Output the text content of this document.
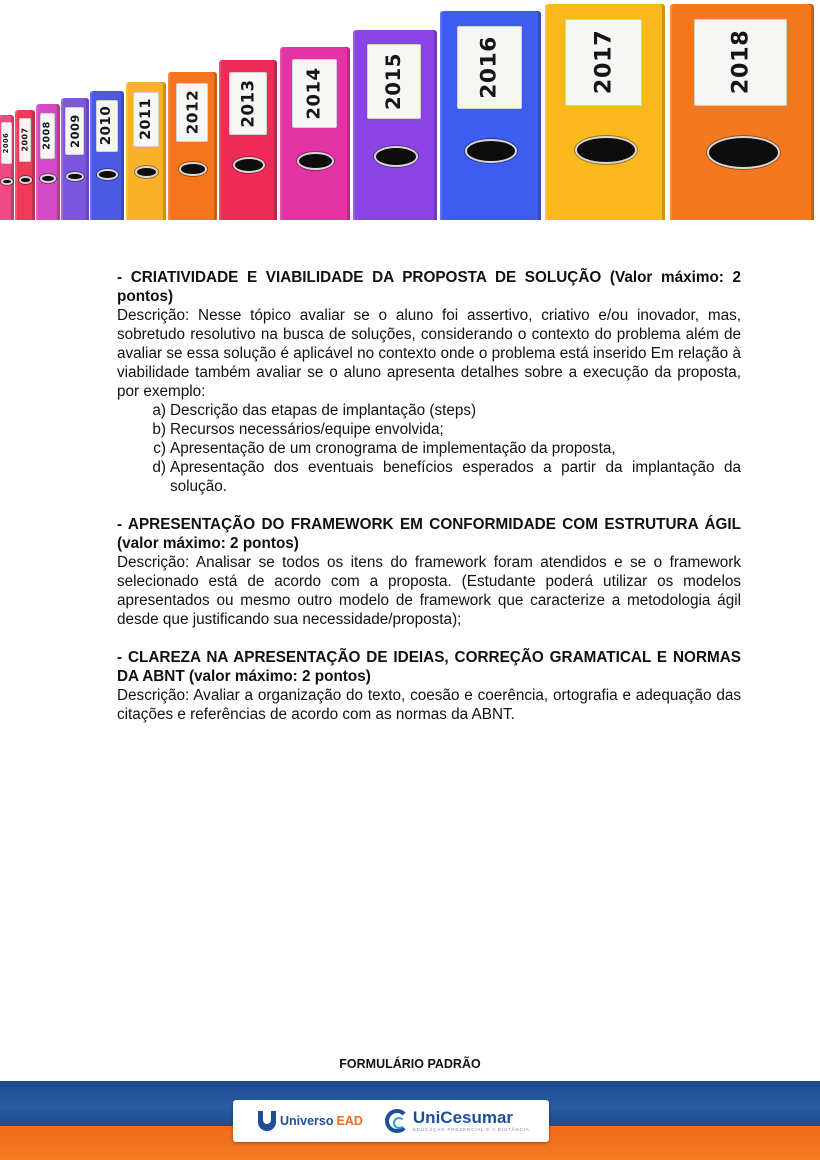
2006 2007 2008 2009 2010 2011 2012 2013	2014	2015	2016	2017	2018

- CRIATIVIDADE E VIABILIDADE DA PROPOSTA DE SOLUÇÃO (Valor máximo: 2 pontos)

Descrição: Nesse tópico avaliar se o aluno foi assertivo, criativo e/ou inovador, mas, sobretudo resolutivo na busca de soluções, considerando o contexto do problema além de avaliar se essa solução é aplicável no contexto onde o problema está inserido Em relação à viabilidade também avaliar se o aluno apresenta detalhes sobre a execução da proposta, por exemplo:

a) Descrição das etapas de implantação (steps)
b) Recursos necessários/equipe envolvida;
c) Apresentação de um cronograma de implementação da proposta,
d) Apresentação dos eventuais benefícios esperados a partir da implantação da solução.

- APRESENTAÇÃO DO FRAMEWORK EM CONFORMIDADE COM ESTRUTURA ÁGIL (valor máximo: 2 pontos)

Descrição: Analisar se todos os itens do framework foram atendidos e se o framework selecionado está de acordo com a proposta. (Estudante poderá utilizar os modelos apresentados ou mesmo outro modelo de framework que caracterize a metodologia ágil desde que justificando sua necessidade/proposta);

- CLAREZA NA APRESENTAÇÃO DE IDEIAS, CORREÇÃO GRAMATICAL E NORMAS DA ABNT (valor máximo: 2 pontos)

Descrição: Avaliar a organização do texto, coesão e coerência, ortografia e adequação das citações e referências de acordo com as normas da ABNT.

FORMULÁRIO PADRÃO
Universo EAD	UniCesumar
EDUCAÇÃO PRESENCIAL E A DISTÂNCIA
